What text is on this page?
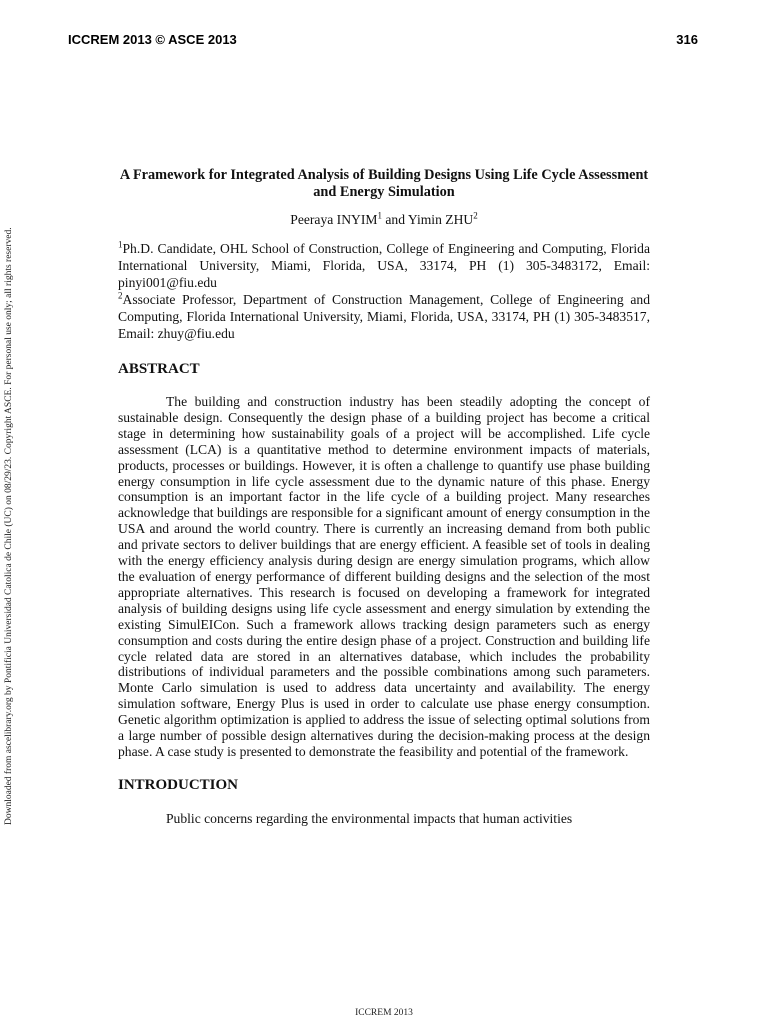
ICCREM 2013 © ASCE 2013	316
Downloaded from ascelibrary.org by Pontificia Universidad Catolica de Chile (UC) on 08/29/23. Copyright ASCE. For personal use only; all rights reserved.
A Framework for Integrated Analysis of Building Designs Using Life Cycle Assessment and Energy Simulation
Peeraya INYIM$^1$ and Yimin ZHU$^2$

$^1$Ph.D. Candidate, OHL School of Construction, College of Engineering and Computing, Florida International University, Miami, Florida, USA, 33174, PH (1) 305-3483172, Email: pinyi001@fiu.edu

$^2$Associate Professor, Department of Construction Management, College of Engineering and Computing, Florida International University, Miami, Florida, USA, 33174, PH (1) 305-3483517, Email: zhuy@fiu.edu

ABSTRACT

The building and construction industry has been steadily adopting the concept of sustainable design. Consequently the design phase of a building project has become a critical stage in determining how sustainability goals of a project will be accomplished. Life cycle assessment (LCA) is a quantitative method to determine environment impacts of materials, products, processes or buildings. However, it is often a challenge to quantify use phase building energy consumption in life cycle assessment due to the dynamic nature of this phase. Energy consumption is an important factor in the life cycle of a building project. Many researches acknowledge that buildings are responsible for a significant amount of energy consumption in the USA and around the world country. There is currently an increasing demand from both public and private sectors to deliver buildings that are energy efficient. A feasible set of tools in dealing with the energy efficiency analysis during design are energy simulation programs, which allow the evaluation of energy performance of different building designs and the selection of the most appropriate alternatives. This research is focused on developing a framework for integrated analysis of building designs using life cycle assessment and energy simulation by extending the existing SimulEICon. Such a framework allows tracking design parameters such as energy consumption and costs during the entire design phase of a project. Construction and building life cycle related data are stored in an alternatives database, which includes the probability distributions of individual parameters and the possible combinations among such parameters. Monte Carlo simulation is used to address data uncertainty and availability. The energy simulation software, Energy Plus is used in order to calculate use phase energy consumption. Genetic algorithm optimization is applied to address the issue of selecting optimal solutions from a large number of possible design alternatives during the decision-making process at the design phase. A case study is presented to demonstrate the feasibility and potential of the framework.

INTRODUCTION

Public concerns regarding the environmental impacts that human activities

ICCREM 2013
